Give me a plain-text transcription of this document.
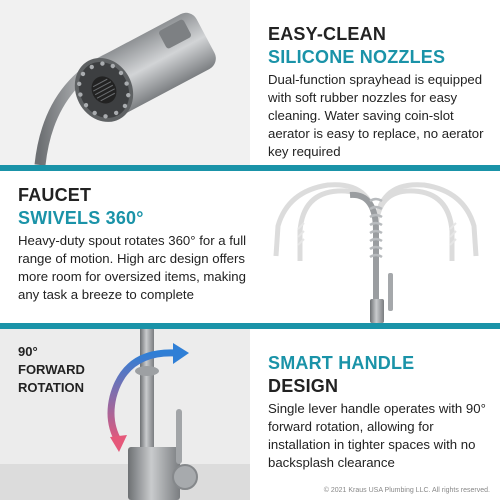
EASY-CLEAN
SILICONE NOZZLES
Dual-function sprayhead is equipped with soft rubber nozzles for easy cleaning. Water saving coin-slot aerator is easy to replace, no aerator key required
FAUCET
SWIVELS 360°
Heavy-duty spout rotates 360° for a full range of motion. High arc design offers more room for oversized items, making any task a breeze to complete
90°
FORWARD
ROTATION
SMART HANDLE
DESIGN
Single lever handle operates with 90° forward rotation, allowing for installation in tighter spaces with no backsplash clearance
© 2021 Kraus USA Plumbing LLC. All rights reserved.
